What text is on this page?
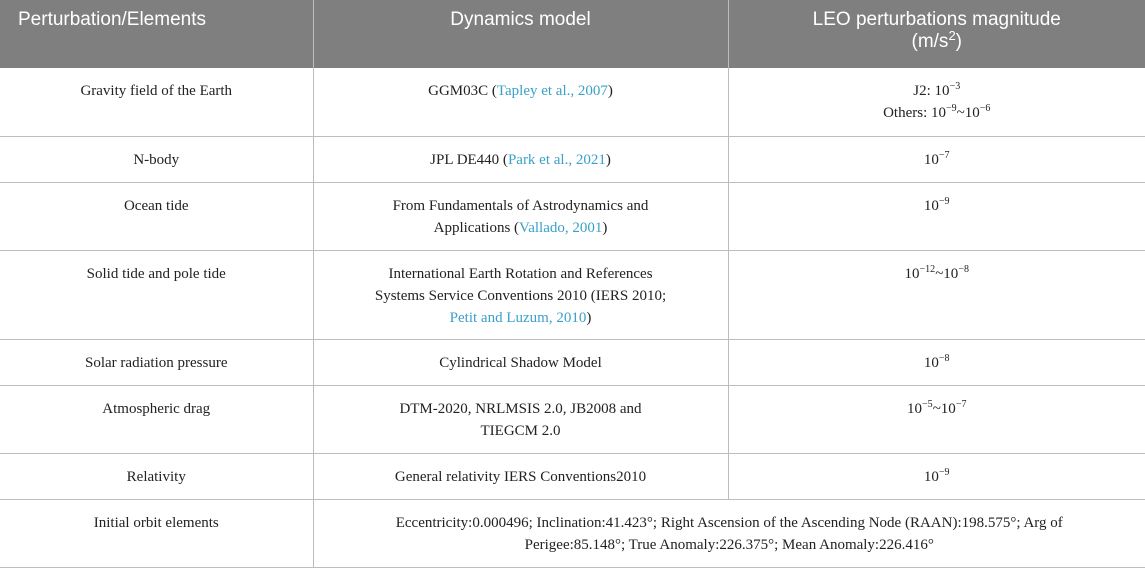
Perturbation/Elements	Dynamics model	LEO perturbations magnitude
$(m/s^2)$
Gravity field of the Earth	GGM03C (Tapley et al., 2007)	J2: $10^{-3}$
Others: $10^{-9}\sim 10^{-6}$
N-body	JPL DE440 (Park et al., 2021)	$10^{-7}$
Ocean tide	From Fundamentals of Astrodynamics and Applications (Vallado, 2001)	$10^{-9}$
Solid tide and pole tide	International Earth Rotation and References Systems Service Conventions 2010 (IERS 2010; Petit and Luzum, 2010)	$10^{-12}\sim 10^{-8}$
Solar radiation pressure	Cylindrical Shadow Model	$10^{-8}$
Atmospheric drag	DTM-2020, NRLMSIS 2.0, JB2008 and TIEGCM 2.0	$10^{-5}\sim 10^{-7}$
Relativity	General relativity IERS Conventions2010	$10^{-9}$
Initial orbit elements	Eccentricity:0.000496; Inclination:41.423°; Right Ascension of the Ascending Node (RAAN):198.575°; Arg of Perigee:85.148°; True Anomaly:226.375°; Mean Anomaly:226.416°	
